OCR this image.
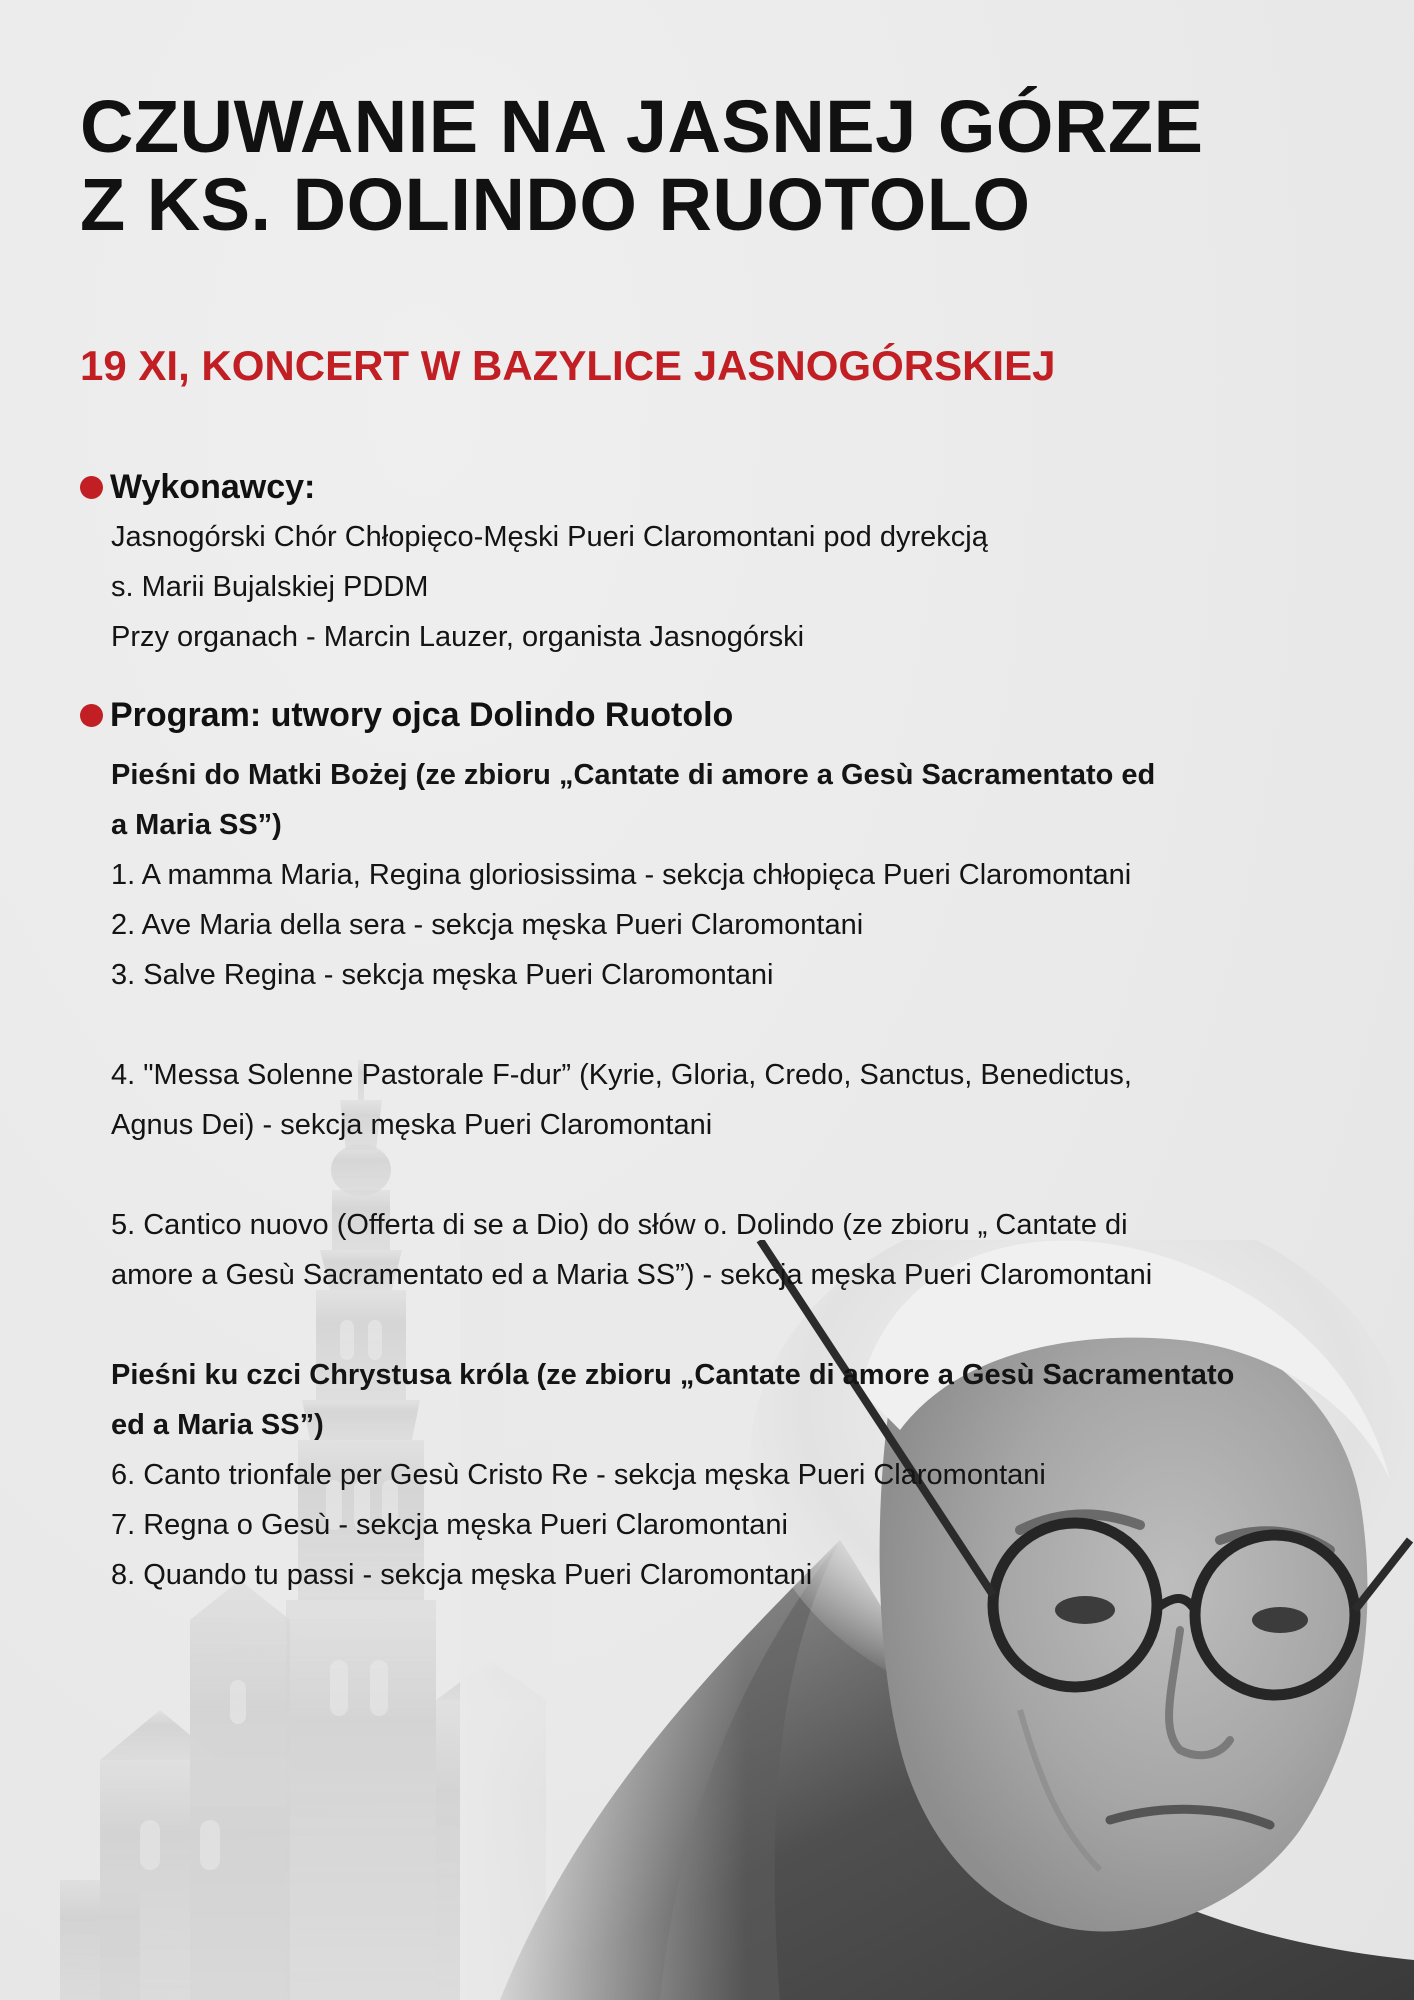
CZUWANIE NA JASNEJ GÓRZE
Z KS. DOLINDO RUOTOLO
19 XI, KONCERT W BAZYLICE JASNOGÓRSKIEJ
Wykonawcy:
Jasnogórski Chór Chłopięco-Męski Pueri Claromontani pod dyrekcją
s. Marii Bujalskiej PDDM
Przy organach - Marcin Lauzer, organista Jasnogórski
Program: utwory ojca Dolindo Ruotolo
Pieśni do Matki Bożej (ze zbioru „Cantate di amore a Gesù Sacramentato ed
a Maria SS”)
1. A mamma Maria, Regina gloriosissima - sekcja chłopięca Pueri Claromontani
2. Ave Maria della sera - sekcja męska Pueri Claromontani
3. Salve Regina - sekcja męska Pueri Claromontani
4. "Messa Solenne Pastorale F-dur” (Kyrie, Gloria, Credo, Sanctus, Benedictus,
Agnus Dei) - sekcja męska Pueri Claromontani
5. Cantico nuovo (Offerta di se a Dio) do słów o. Dolindo (ze zbioru „ Cantate di
amore a Gesù Sacramentato ed a Maria SS”) - sekcja męska Pueri Claromontani
Pieśni ku czci Chrystusa króla (ze zbioru „Cantate di amore a Gesù Sacramentato
ed a Maria SS”)
6. Canto trionfale per Gesù Cristo Re - sekcja męska Pueri Claromontani
7. Regna o Gesù - sekcja męska Pueri Claromontani
8. Quando tu passi - sekcja męska Pueri Claromontani
